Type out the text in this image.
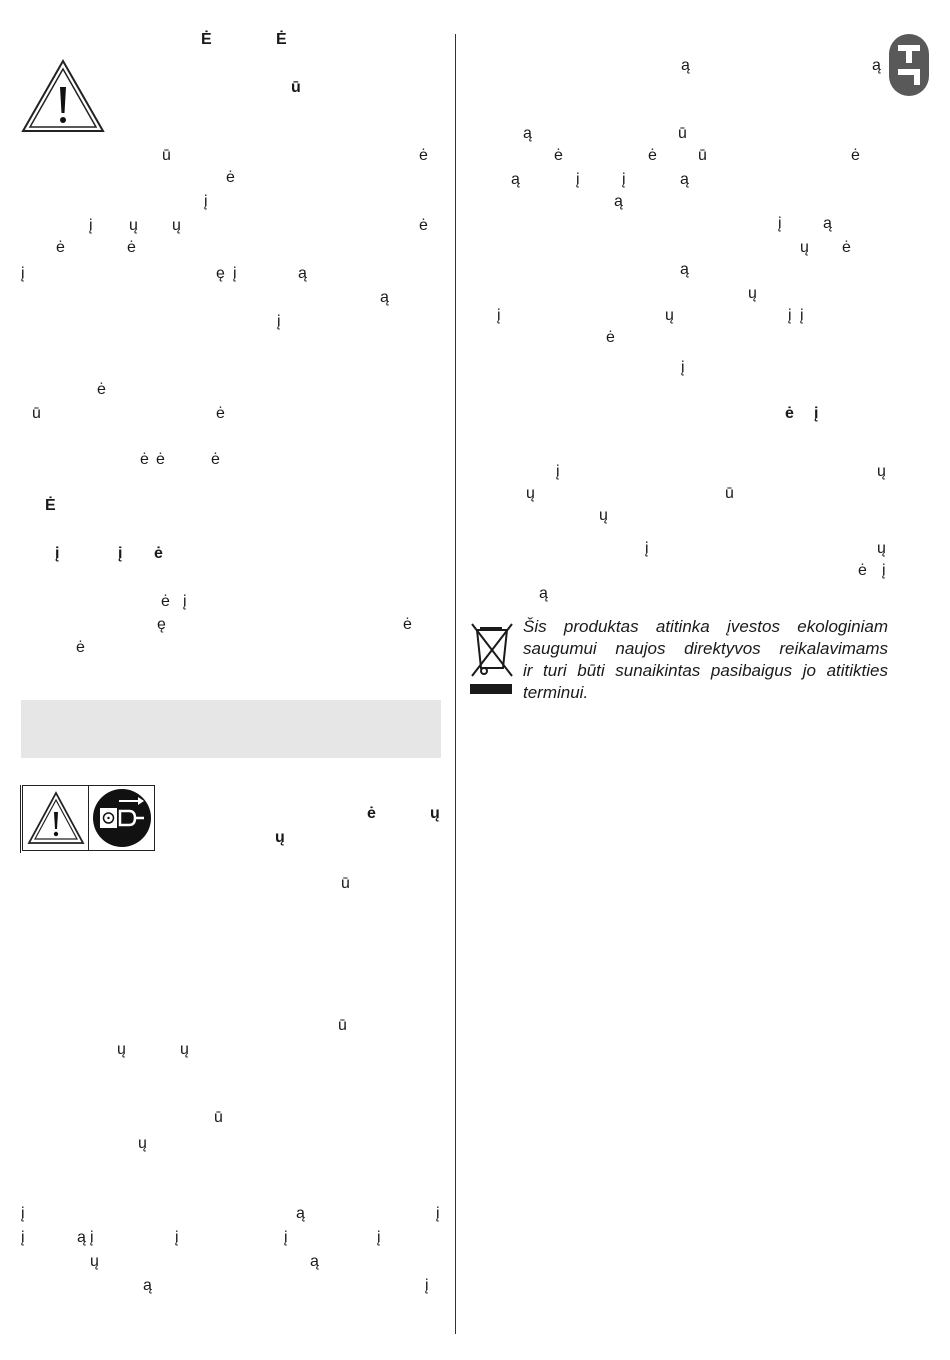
Ė	Ė
ū
ū	ė
ė
į
į ų ų	ė
ė	ė
į	ę į	ą
ą
į
ė
ū	ė
ė ė	ė
Ė
į	į ė
ė į
ę	ė
ė
ė	ų
ų
ū
ū
ų	ų
ū
ų
į	ą	į
į	ą į	į	į	į
ą
ų
ą	į
ą	ą
ą	ū
ė	ė	ū	ė
ą	į	į	ą
ą
į	ą
ų ė
ą
ų
į	ų	į į
ė
į
ė į
į	ų
ų	ū
ų
į	ų
ė į
ą
Šis produktas atitinka įvestos ekologiniam
saugumui naujos direktyvos reikalavimams
ir turi būti sunaikintas pasibaigus jo atitikties
terminui.
